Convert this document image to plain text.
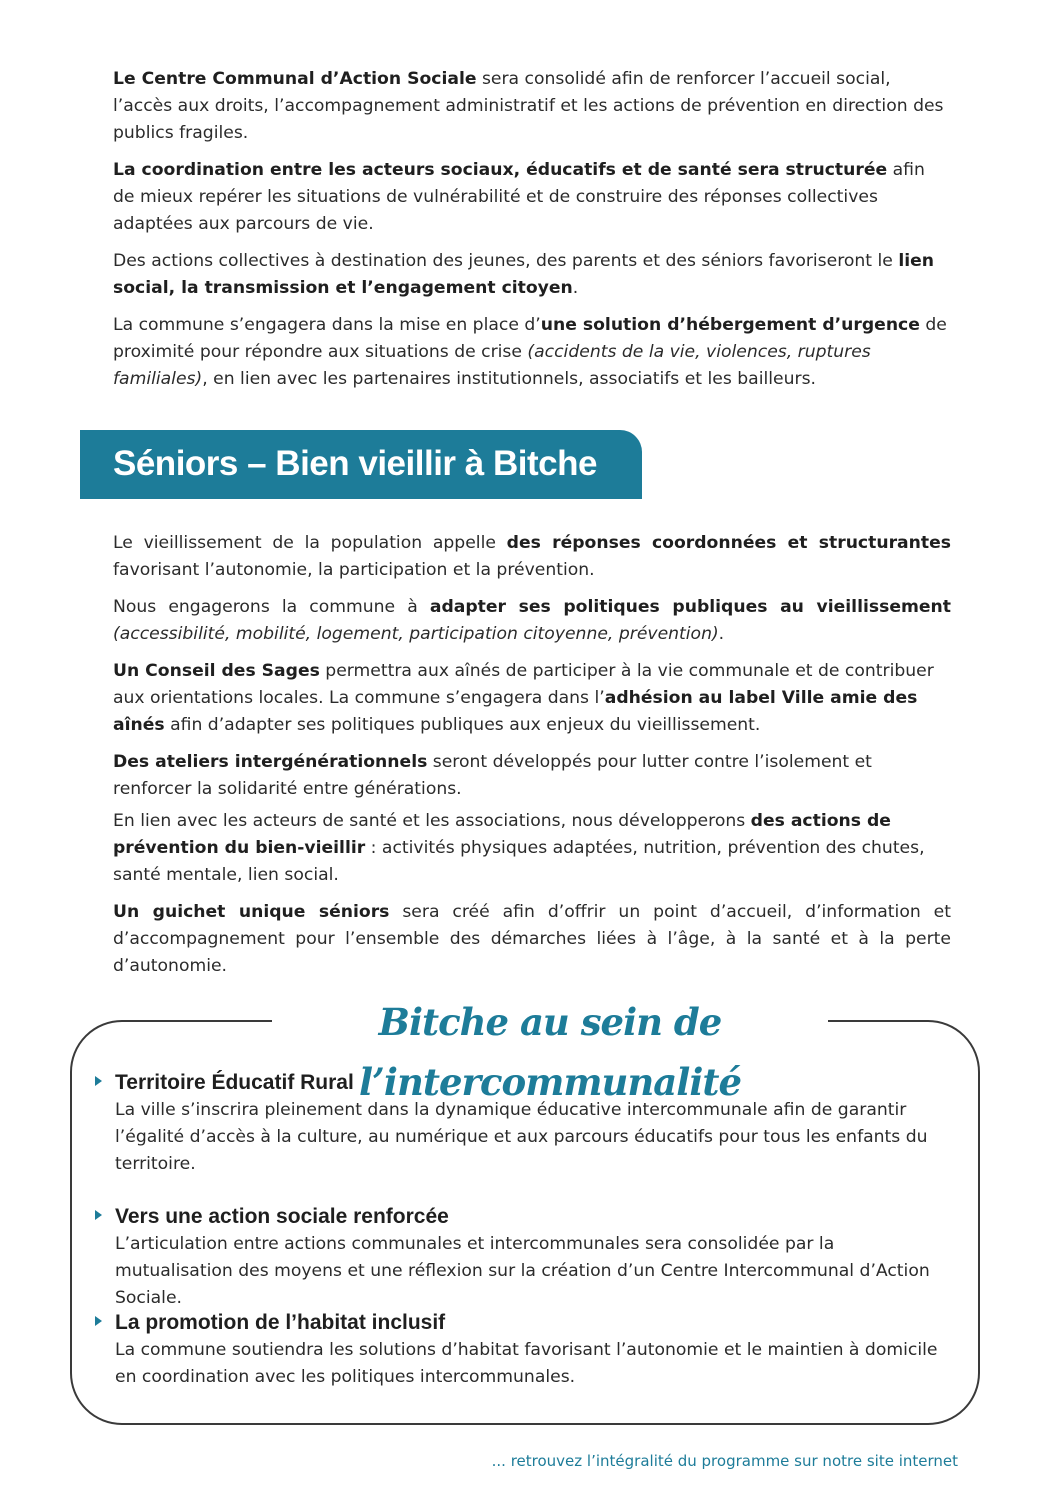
Le Centre Communal d’Action Sociale sera consolidé afin de renforcer l’accueil social, l’accès aux droits, l’accompagnement administratif et les actions de prévention en direction des publics fragiles.

La coordination entre les acteurs sociaux, éducatifs et de santé sera structurée afin de mieux repérer les situations de vulnérabilité et de construire des réponses collectives adaptées aux parcours de vie.

Des actions collectives à destination des jeunes, des parents et des séniors favoriseront le lien social, la transmission et l’engagement citoyen.

La commune s’engagera dans la mise en place d’une solution d’hébergement d’urgence de proximité pour répondre aux situations de crise (accidents de la vie, violences, ruptures familiales), en lien avec les partenaires institutionnels, associatifs et les bailleurs.

Séniors – Bien vieillir à Bitche

Le vieillissement de la population appelle des réponses coordonnées et structurantes favorisant l’autonomie, la participation et la prévention.

Nous engagerons la commune à adapter ses politiques publiques au vieillissement (accessibilité, mobilité, logement, participation citoyenne, prévention).

Un Conseil des Sages permettra aux aînés de participer à la vie communale et de contribuer aux orientations locales. La commune s’engagera dans l’adhésion au label Ville amie des aînés afin d’adapter ses politiques publiques aux enjeux du vieillissement.

Des ateliers intergénérationnels seront développés pour lutter contre l’isolement et renforcer la solidarité entre générations.

En lien avec les acteurs de santé et les associations, nous développerons des actions de prévention du bien-vieillir : activités physiques adaptées, nutrition, prévention des chutes, santé mentale, lien social.

Un guichet unique séniors sera créé afin d’offrir un point d’accueil, d’information et d’accompagnement pour l’ensemble des démarches liées à l’âge, à la santé et à la perte d’autonomie.

Bitche au sein de l’intercommunalité
Territoire Éducatif Rural

La ville s’inscrira pleinement dans la dynamique éducative intercommunale afin de garantir l’égalité d’accès à la culture, au numérique et aux parcours éducatifs pour tous les enfants du territoire.

Vers une action sociale renforcée

L’articulation entre actions communales et intercommunales sera consolidée par la mutualisation des moyens et une réflexion sur la création d’un Centre Intercommunal d’Action Sociale.

La promotion de l’habitat inclusif

La commune soutiendra les solutions d’habitat favorisant l’autonomie et le maintien à domicile en coordination avec les politiques intercommunales.

... retrouvez l’intégralité du programme sur notre site internet
